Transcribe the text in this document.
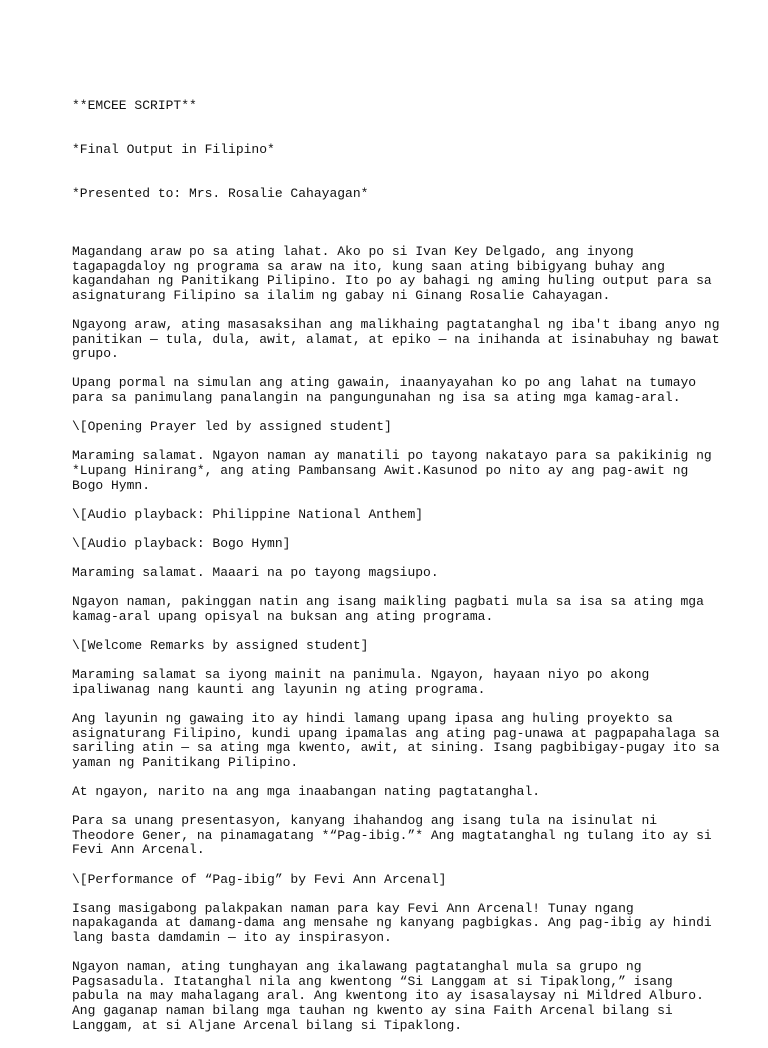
**EMCEE SCRIPT**

*Final Output in Filipino*

*Presented to: Mrs. Rosalie Cahayagan*

Magandang araw po sa ating lahat. Ako po si Ivan Key Delgado, ang inyong
tagapagdaloy ng programa sa araw na ito, kung saan ating bibigyang buhay ang
kagandahan ng Panitikang Pilipino. Ito po ay bahagi ng aming huling output para sa
asignaturang Filipino sa ilalim ng gabay ni Ginang Rosalie Cahayagan.
Ngayong araw, ating masasaksihan ang malikhaing pagtatanghal ng iba't ibang anyo ng
panitikan — tula, dula, awit, alamat, at epiko — na inihanda at isinabuhay ng bawat
grupo.
Upang pormal na simulan ang ating gawain, inaanyayahan ko po ang lahat na tumayo
para sa panimulang panalangin na pangungunahan ng isa sa ating mga kamag-aral.
\[Opening Prayer led by assigned student]
Maraming salamat. Ngayon naman ay manatili po tayong nakatayo para sa pakikinig ng
*Lupang Hinirang*, ang ating Pambansang Awit.Kasunod po nito ay ang pag-awit ng
Bogo Hymn.
\[Audio playback: Philippine National Anthem]
\[Audio playback: Bogo Hymn]
Maraming salamat. Maaari na po tayong magsiupo.
Ngayon naman, pakinggan natin ang isang maikling pagbati mula sa isa sa ating mga
kamag-aral upang opisyal na buksan ang ating programa.
\[Welcome Remarks by assigned student]
Maraming salamat sa iyong mainit na panimula. Ngayon, hayaan niyo po akong
ipaliwanag nang kaunti ang layunin ng ating programa.
Ang layunin ng gawaing ito ay hindi lamang upang ipasa ang huling proyekto sa
asignaturang Filipino, kundi upang ipamalas ang ating pag-unawa at pagpapahalaga sa
sariling atin — sa ating mga kwento, awit, at sining. Isang pagbibigay-pugay ito sa
yaman ng Panitikang Pilipino.
At ngayon, narito na ang mga inaabangan nating pagtatanghal.
Para sa unang presentasyon, kanyang ihahandog ang isang tula na isinulat ni
Theodore Gener, na pinamagatang *“Pag-ibig.”* Ang magtatanghal ng tulang ito ay si
Fevi Ann Arcenal.
\[Performance of “Pag-ibig” by Fevi Ann Arcenal]
Isang masigabong palakpakan naman para kay Fevi Ann Arcenal! Tunay ngang
napakaganda at damang-dama ang mensahe ng kanyang pagbigkas. Ang pag-ibig ay hindi
lang basta damdamin — ito ay inspirasyon.
Ngayon naman, ating tunghayan ang ikalawang pagtatanghal mula sa grupo ng
Pagsasadula. Itatanghal nila ang kwentong “Si Langgam at si Tipaklong,” isang
pabula na may mahalagang aral. Ang kwentong ito ay isasalaysay ni Mildred Alburo.
Ang gaganap naman bilang mga tauhan ng kwento ay sina Faith Arcenal bilang si
Langgam, at si Aljane Arcenal bilang si Tipaklong.
